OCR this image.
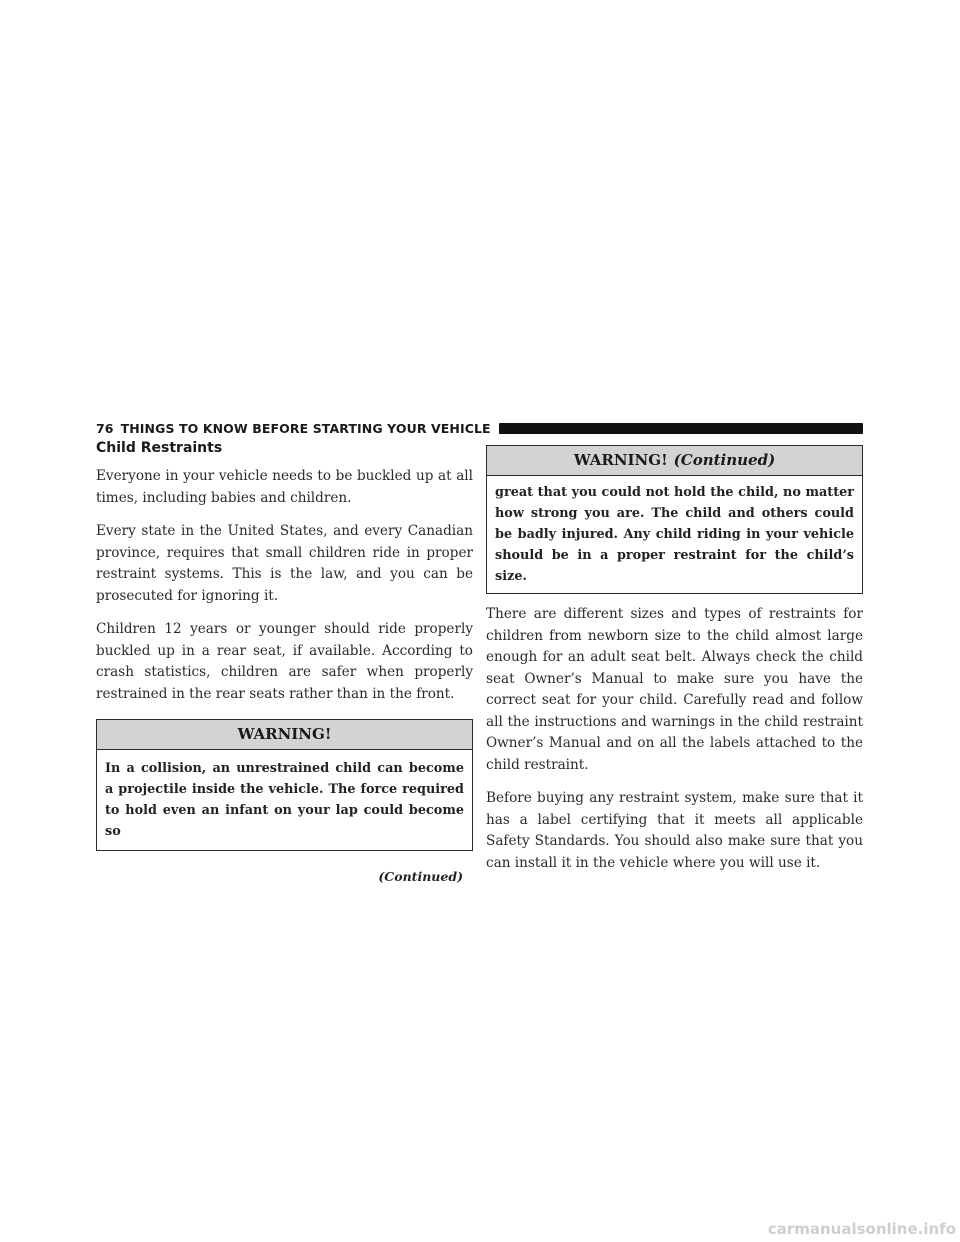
76 THINGS TO KNOW BEFORE STARTING YOUR VEHICLE
Child Restraints

Everyone in your vehicle needs to be buckled up at all times, including babies and children.

Every state in the United States, and every Canadian province, requires that small children ride in proper restraint systems. This is the law, and you can be prosecuted for ignoring it.

Children 12 years or younger should ride properly buckled up in a rear seat, if available. According to crash statistics, children are safer when properly restrained in the rear seats rather than in the front.

WARNING!
In a collision, an unrestrained child can become a projectile inside the vehicle. The force required to hold even an infant on your lap could become so
(Continued)
WARNING! (Continued)
great that you could not hold the child, no matter how strong you are. The child and others could be badly injured. Any child riding in your vehicle should be in a proper restraint for the child’s size.

There are different sizes and types of restraints for children from newborn size to the child almost large enough for an adult seat belt. Always check the child seat Owner’s Manual to make sure you have the correct seat for your child. Carefully read and follow all the instructions and warnings in the child restraint Owner’s Manual and on all the labels attached to the child restraint.

Before buying any restraint system, make sure that it has a label certifying that it meets all applicable Safety Standards. You should also make sure that you can install it in the vehicle where you will use it.

carmanualsonline.info
